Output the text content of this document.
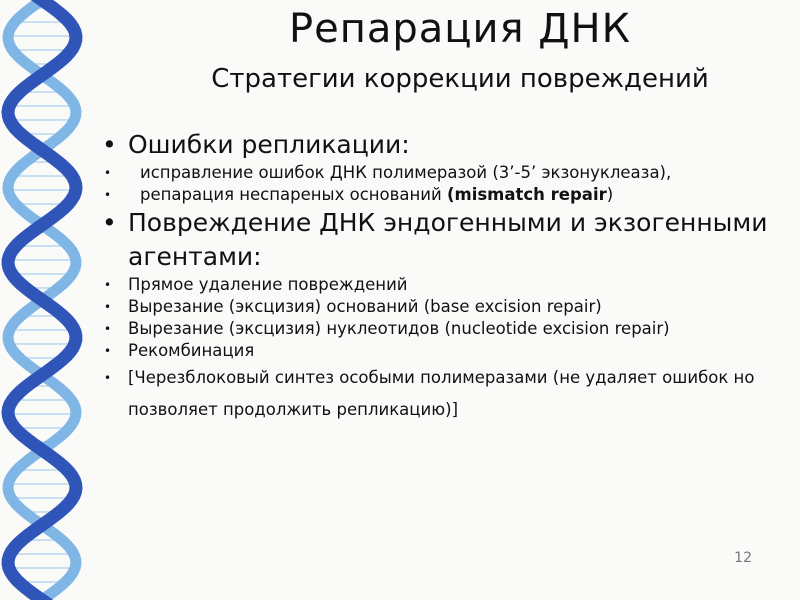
Репарация ДНК
Стратегии коррекции повреждений
• Ошибки репликации:
•	исправление ошибок ДНК полимеразой (3’-5’ экзонуклеаза),
•	репарация неспареных оснований (mismatch repair)
• Повреждение ДНК эндогенными и экзогенными агентами:
• Прямое удаление повреждений
• Вырезание (эксцизия) оснований (base excision repair)
• Вырезание (эксцизия) нуклеотидов (nucleotide excision repair)
• Рекомбинация
• [Черезблоковый синтез особыми полимеразами (не удаляет ошибок но позволяет продолжить репликацию)]
12
